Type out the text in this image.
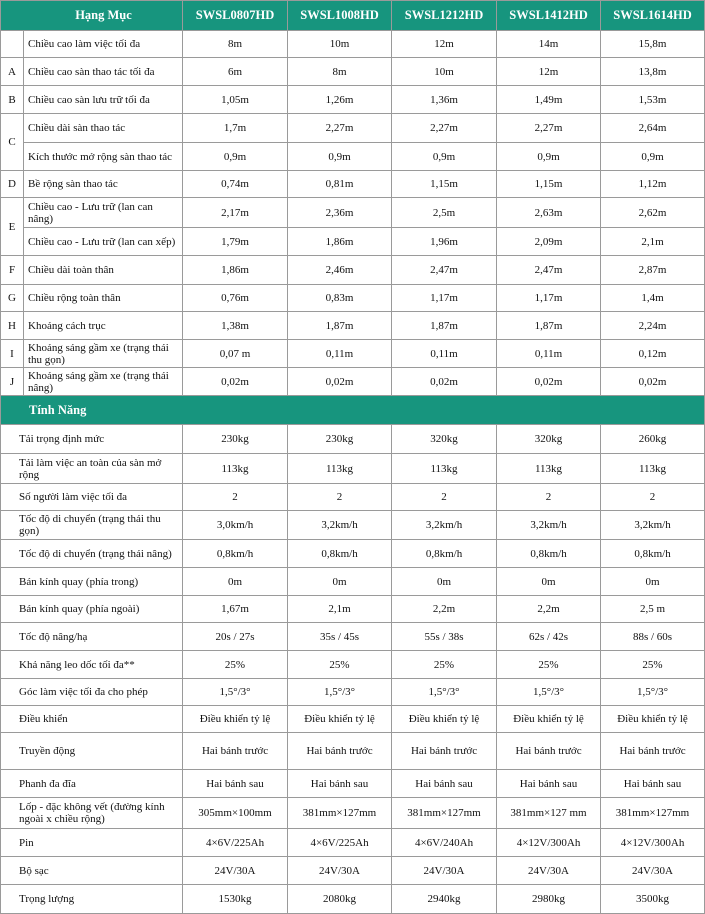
Hạng Mục		SWSL0807HD	SWSL1008HD	SWSL1212HD	SWSL1412HD	SWSL1614HD
	Chiều cao làm việc tối đa	8m	10m	12m	14m	15,8m
A	Chiều cao sàn thao tác tối đa	6m	8m	10m	12m	13,8m
B	Chiều cao sàn lưu trữ tối đa	1,05m	1,26m	1,36m	1,49m	1,53m
C	Chiều dài sàn thao tác	1,7m	2,27m	2,27m	2,27m	2,64m
	Kích thước mở rộng sàn thao tác	0,9m	0,9m	0,9m	0,9m	0,9m
D	Bề rộng sàn thao tác	0,74m	0,81m	1,15m	1,15m	1,12m
E	Chiều cao - Lưu trữ (lan can nâng)	2,17m	2,36m	2,5m	2,63m	2,62m
	Chiều cao - Lưu trữ (lan can xếp)	1,79m	1,86m	1,96m	2,09m	2,1m
F	Chiều dài toàn thân	1,86m	2,46m	2,47m	2,47m	2,87m
G	Chiều rộng toàn thân	0,76m	0,83m	1,17m	1,17m	1,4m
H	Khoảng cách trục	1,38m	1,87m	1,87m	1,87m	2,24m
I	Khoảng sáng gầm xe (trạng thái thu gọn)	0,07 m	0,11m	0,11m	0,11m	0,12m
J	Khoảng sáng gầm xe (trạng thái nâng)	0,02m	0,02m	0,02m	0,02m	0,02m
Tính Năng						
Tải trọng định mức		230kg	230kg	320kg	320kg	260kg
Tải làm việc an toàn của sàn mở rộng		113kg	113kg	113kg	113kg	113kg
Số người làm việc tối đa		2	2	2	2	2
Tốc độ di chuyển (trạng thái thu gọn)		3,0km/h	3,2km/h	3,2km/h	3,2km/h	3,2km/h
Tốc độ di chuyển (trạng thái nâng)		0,8km/h	0,8km/h	0,8km/h	0,8km/h	0,8km/h
Bán kính quay (phía trong)		0m	0m	0m	0m	0m
Bán kính quay (phía ngoài)		1,67m	2,1m	2,2m	2,2m	2,5 m
Tốc độ nâng/hạ		20s / 27s	35s / 45s	55s / 38s	62s / 42s	88s / 60s
Khả năng leo dốc tối đa**		25%	25%	25%	25%	25%
Góc làm việc tối đa cho phép		1,5°/3°	1,5°/3°	1,5°/3°	1,5°/3°	1,5°/3°
Điều khiển		Điều khiển tỷ lệ	Điều khiển tỷ lệ	Điều khiển tỷ lệ	Điều khiển tỷ lệ	Điều khiển tỷ lệ
Truyền động		Hai bánh trước	Hai bánh trước	Hai bánh trước	Hai bánh trước	Hai bánh trước
Phanh đa đĩa		Hai bánh sau	Hai bánh sau	Hai bánh sau	Hai bánh sau	Hai bánh sau
Lốp - đặc không vết (đường kính ngoài x chiều rộng)		305mm×100mm	381mm×127mm	381mm×127mm	381mm×127 mm	381mm×127mm
Pin		4×6V/225Ah	4×6V/225Ah	4×6V/240Ah	4×12V/300Ah	4×12V/300Ah
Bộ sạc		24V/30A	24V/30A	24V/30A	24V/30A	24V/30A
Trọng lượng		1530kg	2080kg	2940kg	2980kg	3500kg
